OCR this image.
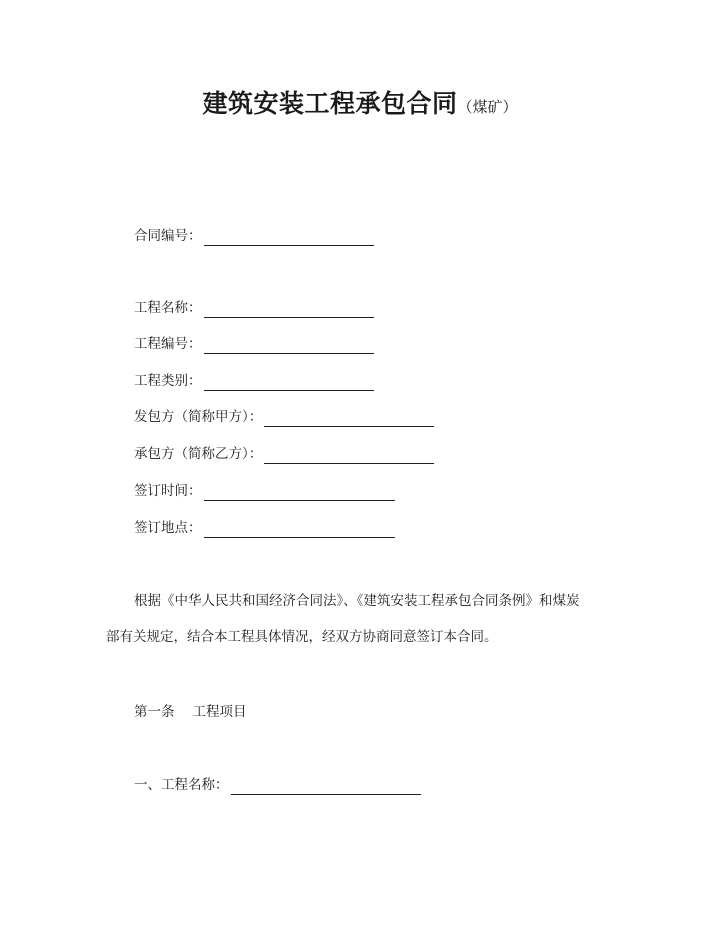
建筑安装工程承包合同（煤矿）
合同编号：
工程名称：
工程编号：
工程类别：
发包方（简称甲方）：
承包方（简称乙方）：
签订时间：
签订地点：
根据《中华人民共和国经济合同法》、《建筑安装工程承包合同条例》和煤炭
部有关规定，结合本工程具体情况，经双方协商同意签订本合同。
第一条 工程项目
一、工程名称：
